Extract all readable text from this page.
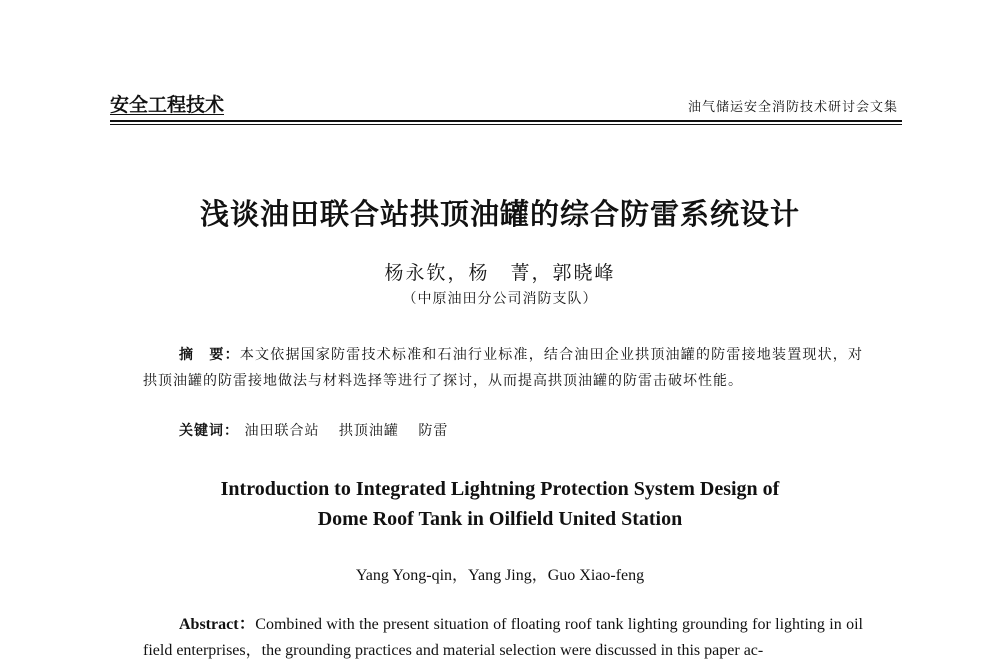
安全工程技术	油气储运安全消防技术研讨会文集
浅谈油田联合站拱顶油罐的综合防雷系统设计
杨永钦，杨　菁，郭晓峰
（中原油田分公司消防支队）
摘　要：本文依据国家防雷技术标准和石油行业标准，结合油田企业拱顶油罐的防雷接地装置现状，对拱顶油罐的防雷接地做法与材料选择等进行了探讨，从而提高拱顶油罐的防雷击破坏性能。
关键词： 油田联合站 拱顶油罐 防雷
Introduction to Integrated Lightning Protection System Design of
Dome Roof Tank in Oilfield United Station
Yang Yong-qin，Yang Jing，Guo Xiao-feng
Abstract：Combined with the present situation of floating roof tank lighting grounding for lighting in oil field enterprises，the grounding practices and material selection were discussed in this paper ac-
